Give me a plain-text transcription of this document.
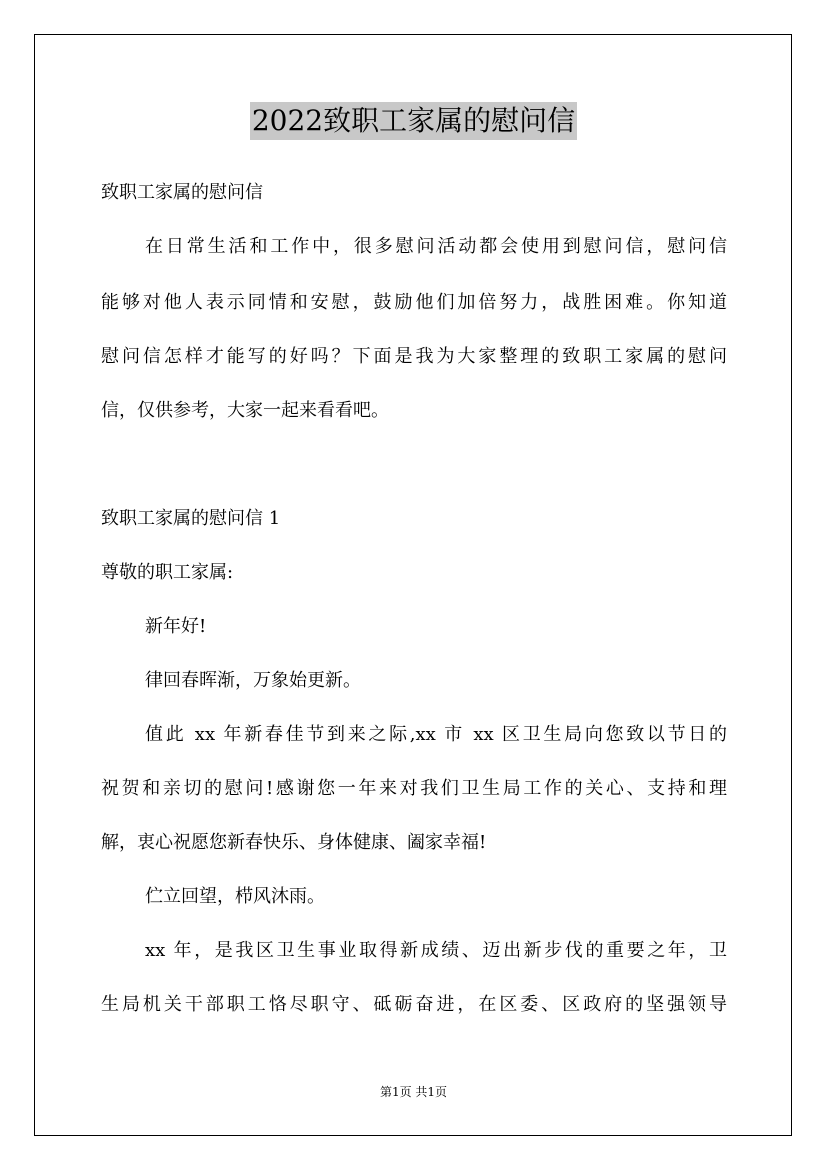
2022致职工家属的慰问信
致职工家属的慰问信
在日常生活和工作中，很多慰问活动都会使用到慰问信，慰问信
能够对他人表示同情和安慰，鼓励他们加倍努力，战胜困难。你知道
慰问信怎样才能写的好吗？下面是我为大家整理的致职工家属的慰问
信，仅供参考，大家一起来看看吧。
致职工家属的慰问信 1
尊敬的职工家属:
新年好!
律回春晖渐，万象始更新。
值此 xx 年新春佳节到来之际,xx 市 xx 区卫生局向您致以节日的
祝贺和亲切的慰问!感谢您一年来对我们卫生局工作的关心、支持和理
解，衷心祝愿您新春快乐、身体健康、阖家幸福!
伫立回望，栉风沐雨。
xx 年，是我区卫生事业取得新成绩、迈出新步伐的重要之年，卫
生局机关干部职工恪尽职守、砥砺奋进，在区委、区政府的坚强领导
第1页 共1页
